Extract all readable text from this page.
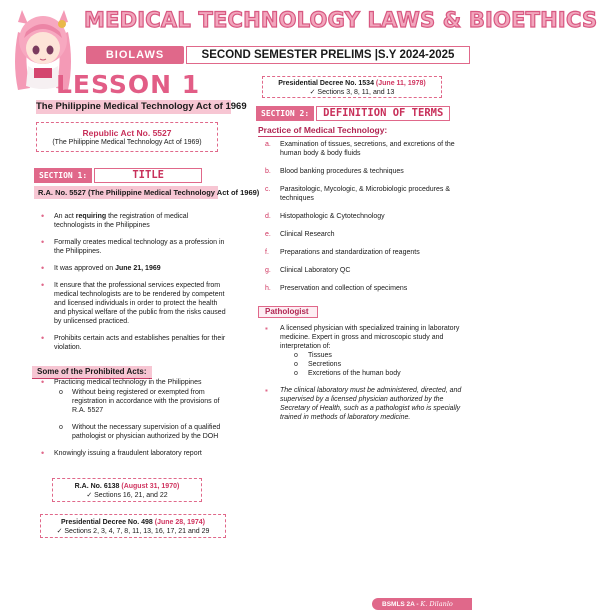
MEDICAL TECHNOLOGY LAWS & BIOETHICS
BIOLAWS	SECOND SEMESTER PRELIMS |S.Y 2024-2025
LESSON 1
The Philippine Medical Technology Act of 1969
Republic Act No. 5527
(The Philippine Medical Technology Act of 1969)
SECTION 1:	TITLE
R.A. No. 5527 (The Philippine Medical Technology Act of 1969)
• An act requiring the registration of medical technologists in the Philippines
• Formally creates medical technology as a profession in the Philippines.
• It was approved on June 21, 1969
• It ensure that the professional services expected from medical technologists are to be rendered by competent and licensed individuals in order to protect the health and physical welfare of the public from the risks caused by unlicensed practiced.
• Prohibits certain acts and establishes penalties for their violation.
Some of the Prohibited Acts:
• Practicing medical technology in the Philippines
o Without being registered or exempted from registration in accordance with the provisions of R.A. 5527
o Without the necessary supervision of a qualified pathologist or physician authorized by the DOH
• Knowingly issuing a fraudulent laboratory report
R.A. No. 6138 (August 31, 1970)
✓ Sections 16, 21, and 22
Presidential Decree No. 498 (June 28, 1974)
✓ Sections 2, 3, 4, 7, 8, 11, 13, 16, 17, 21 and 29
Presidential Decree No. 1534 (June 11, 1978)
✓ Sections 3, 8, 11, and 13
SECTION 2:	DEFINITION OF TERMS
Practice of Medical Technology:
a. Examination of tissues, secretions, and excretions of the human body & body fluids
b. Blood banking procedures & techniques
c. Parasitologic, Mycologic, & Microbiologic procedures & techniques
d. Histopathologic & Cytotechnology
e. Clinical Research
f. Preparations and standardization of reagents
g. Clinical Laboratory QC
h. Preservation and collection of specimens
Pathologist
▪ A licensed physician with specialized training in laboratory medicine. Expert in gross and microscopic study and interpretation of:
o Tissues
o Secretions
o Excretions of the human body
▪ The clinical laboratory must be administered, directed, and supervised by a licensed physician authorized by the Secretary of Health, such as a pathologist who is specially trained in methods of laboratory medicine.
BSMLS 2A - K. Dilanlo
